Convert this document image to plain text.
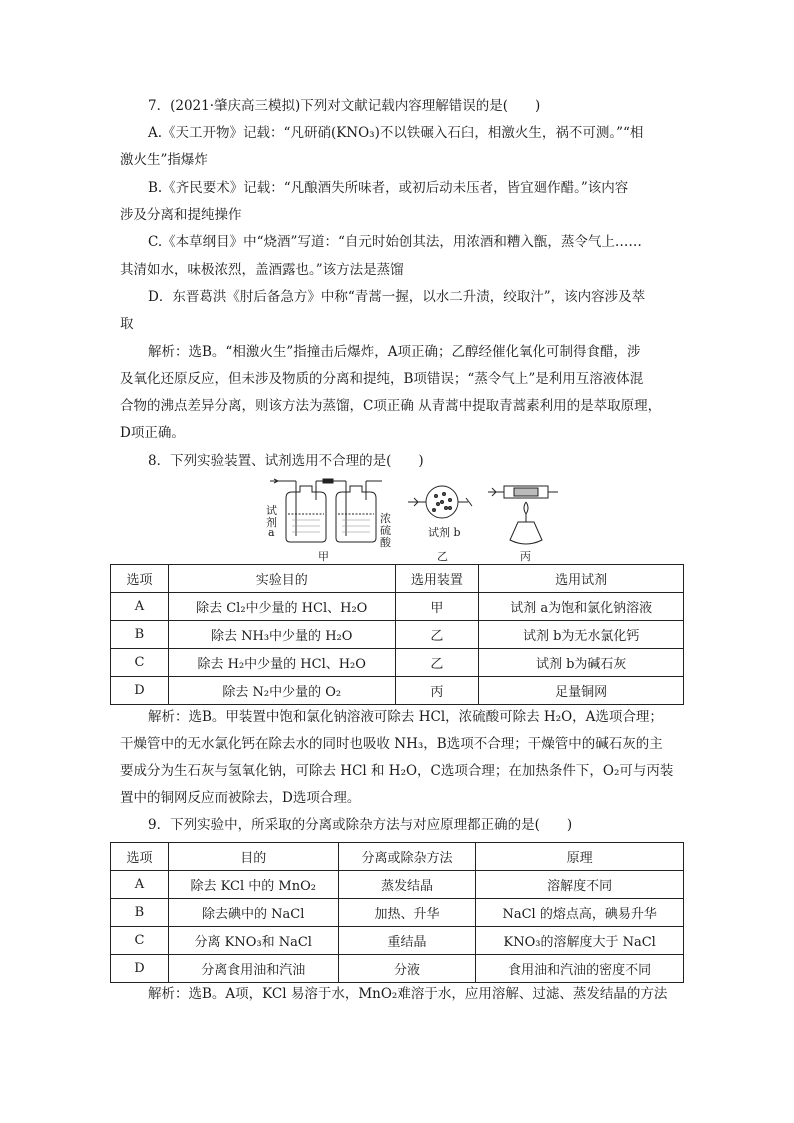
7．(2021·肇庆高三模拟)下列对文献记载内容理解错误的是(　　)
A.《天工开物》记载：“凡研硝(KNO₃)不以铁碾入石臼，相激火生，祸不可测。”“相
激火生”指爆炸
B.《齐民要术》记载：“凡酿酒失所味者，或初后动未压者，皆宜廻作醋。”该内容
涉及分离和提纯操作
C.《本草纲目》中“烧酒”写道：“自元时始创其法，用浓酒和糟入甑，蒸令气上……
其清如水，味极浓烈，盖酒露也。”该方法是蒸馏
D．东晋葛洪《肘后备急方》中称“青蒿一握，以水二升渍，绞取汁”，该内容涉及萃
取
解析：选B。“相激火生”指撞击后爆炸，A项正确；乙醇经催化氧化可制得食醋，涉
及氧化还原反应，但未涉及物质的分离和提纯，B项错误；“蒸令气上”是利用互溶液体混
合物的沸点差异分离，则该方法为蒸馏，C项正确 从青蒿中提取青蒿素利用的是萃取原理，
D项正确。
8．下列实验装置、试剂选用不合理的是(　　)
试
剂
a
浓
硫
酸
试剂 b
甲	乙	丙
选项	实验目的	选用装置	选用试剂
A	除去 Cl₂中少量的 HCl、H₂O	甲	试剂 a为饱和氯化钠溶液
B	除去 NH₃中少量的 H₂O	乙	试剂 b为无水氯化钙
C	除去 H₂中少量的 HCl、H₂O	乙	试剂 b为碱石灰
D	除去 N₂中少量的 O₂	丙	足量铜网
解析：选B。甲装置中饱和氯化钠溶液可除去 HCl，浓硫酸可除去 H₂O，A选项合理；
干燥管中的无水氯化钙在除去水的同时也吸收 NH₃，B选项不合理；干燥管中的碱石灰的主
要成分为生石灰与氢氧化钠，可除去 HCl 和 H₂O，C选项合理；在加热条件下，O₂可与丙装
置中的铜网反应而被除去，D选项合理。
9．下列实验中，所采取的分离或除杂方法与对应原理都正确的是(　　)
选项	目的	分离或除杂方法	原理
A	除去 KCl 中的 MnO₂	蒸发结晶	溶解度不同
B	除去碘中的 NaCl	加热、升华	NaCl 的熔点高，碘易升华
C	分离 KNO₃和 NaCl	重结晶	KNO₃的溶解度大于 NaCl
D	分离食用油和汽油	分液	食用油和汽油的密度不同
解析：选B。A项，KCl 易溶于水，MnO₂难溶于水，应用溶解、过滤、蒸发结晶的方法
